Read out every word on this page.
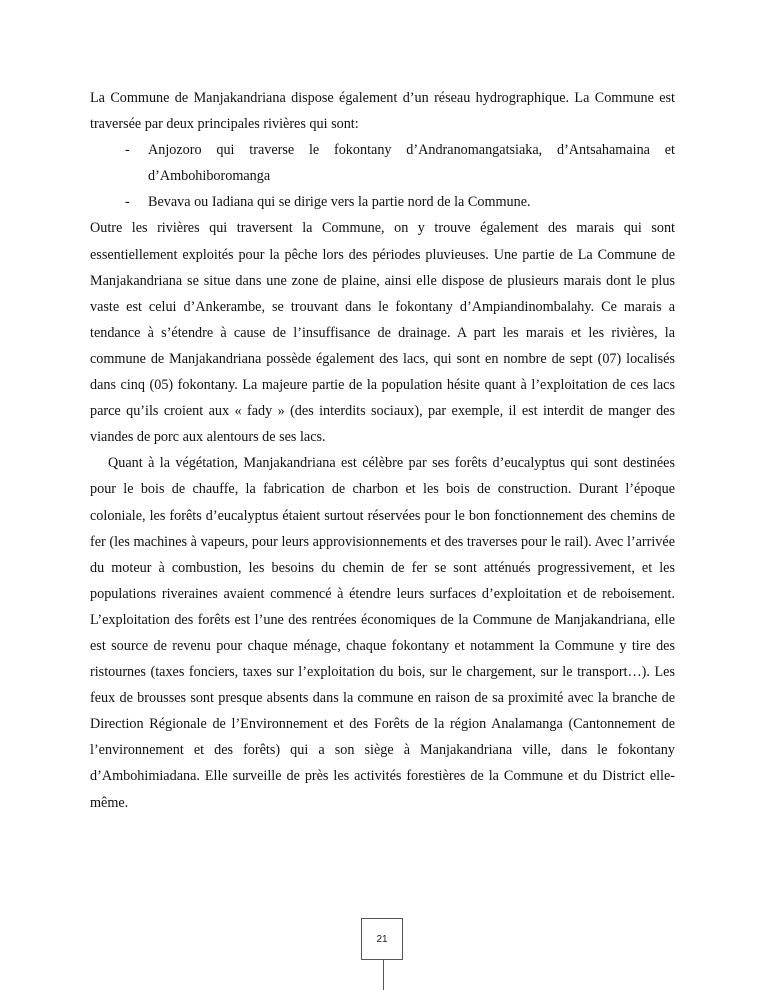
La Commune de Manjakandriana dispose également d’un réseau hydrographique. La Commune est traversée par deux principales rivières qui sont:

- Anjozoro qui traverse le fokontany d’Andranomangatsiaka, d’Antsahamaina et d’Ambohiboromanga
- Bevava ou Iadiana qui se dirige vers la partie nord de la Commune.

Outre les rivières qui traversent la Commune, on y trouve également des marais qui sont essentiellement exploités pour la pêche lors des périodes pluvieuses. Une partie de La Commune de Manjakandriana se situe dans une zone de plaine, ainsi elle dispose de plusieurs marais dont le plus vaste est celui d’Ankerambe, se trouvant dans le fokontany d’Ampiandinombalahy. Ce marais a tendance à s’étendre à cause de l’insuffisance de drainage. A part les marais et les rivières, la commune de Manjakandriana possède également des lacs, qui sont en nombre de sept (07) localisés dans cinq (05) fokontany. La majeure partie de la population hésite quant à l’exploitation de ces lacs parce qu’ils croient aux « fady » (des interdits sociaux), par exemple, il est interdit de manger des viandes de porc aux alentours de ses lacs.

Quant à la végétation, Manjakandriana est célèbre par ses forêts d’eucalyptus qui sont destinées pour le bois de chauffe, la fabrication de charbon et les bois de construction. Durant l’époque coloniale, les forêts d’eucalyptus étaient surtout réservées pour le bon fonctionnement des chemins de fer (les machines à vapeurs, pour leurs approvisionnements et des traverses pour le rail). Avec l’arrivée du moteur à combustion, les besoins du chemin de fer se sont atténués progressivement, et les populations riveraines avaient commencé à étendre leurs surfaces d’exploitation et de reboisement. L’exploitation des forêts est l’une des rentrées économiques de la Commune de Manjakandriana, elle est source de revenu pour chaque ménage, chaque fokontany et notamment la Commune y tire des ristournes (taxes fonciers, taxes sur l’exploitation du bois, sur le chargement, sur le transport…). Les feux de brousses sont presque absents dans la commune en raison de sa proximité avec la branche de Direction Régionale de l’Environnement et des Forêts de la région Analamanga (Cantonnement de l’environnement et des forêts) qui a son siège à Manjakandriana ville, dans le fokontany d’Ambohimiadana. Elle surveille de près les activités forestières de la Commune et du District elle-même.

21
